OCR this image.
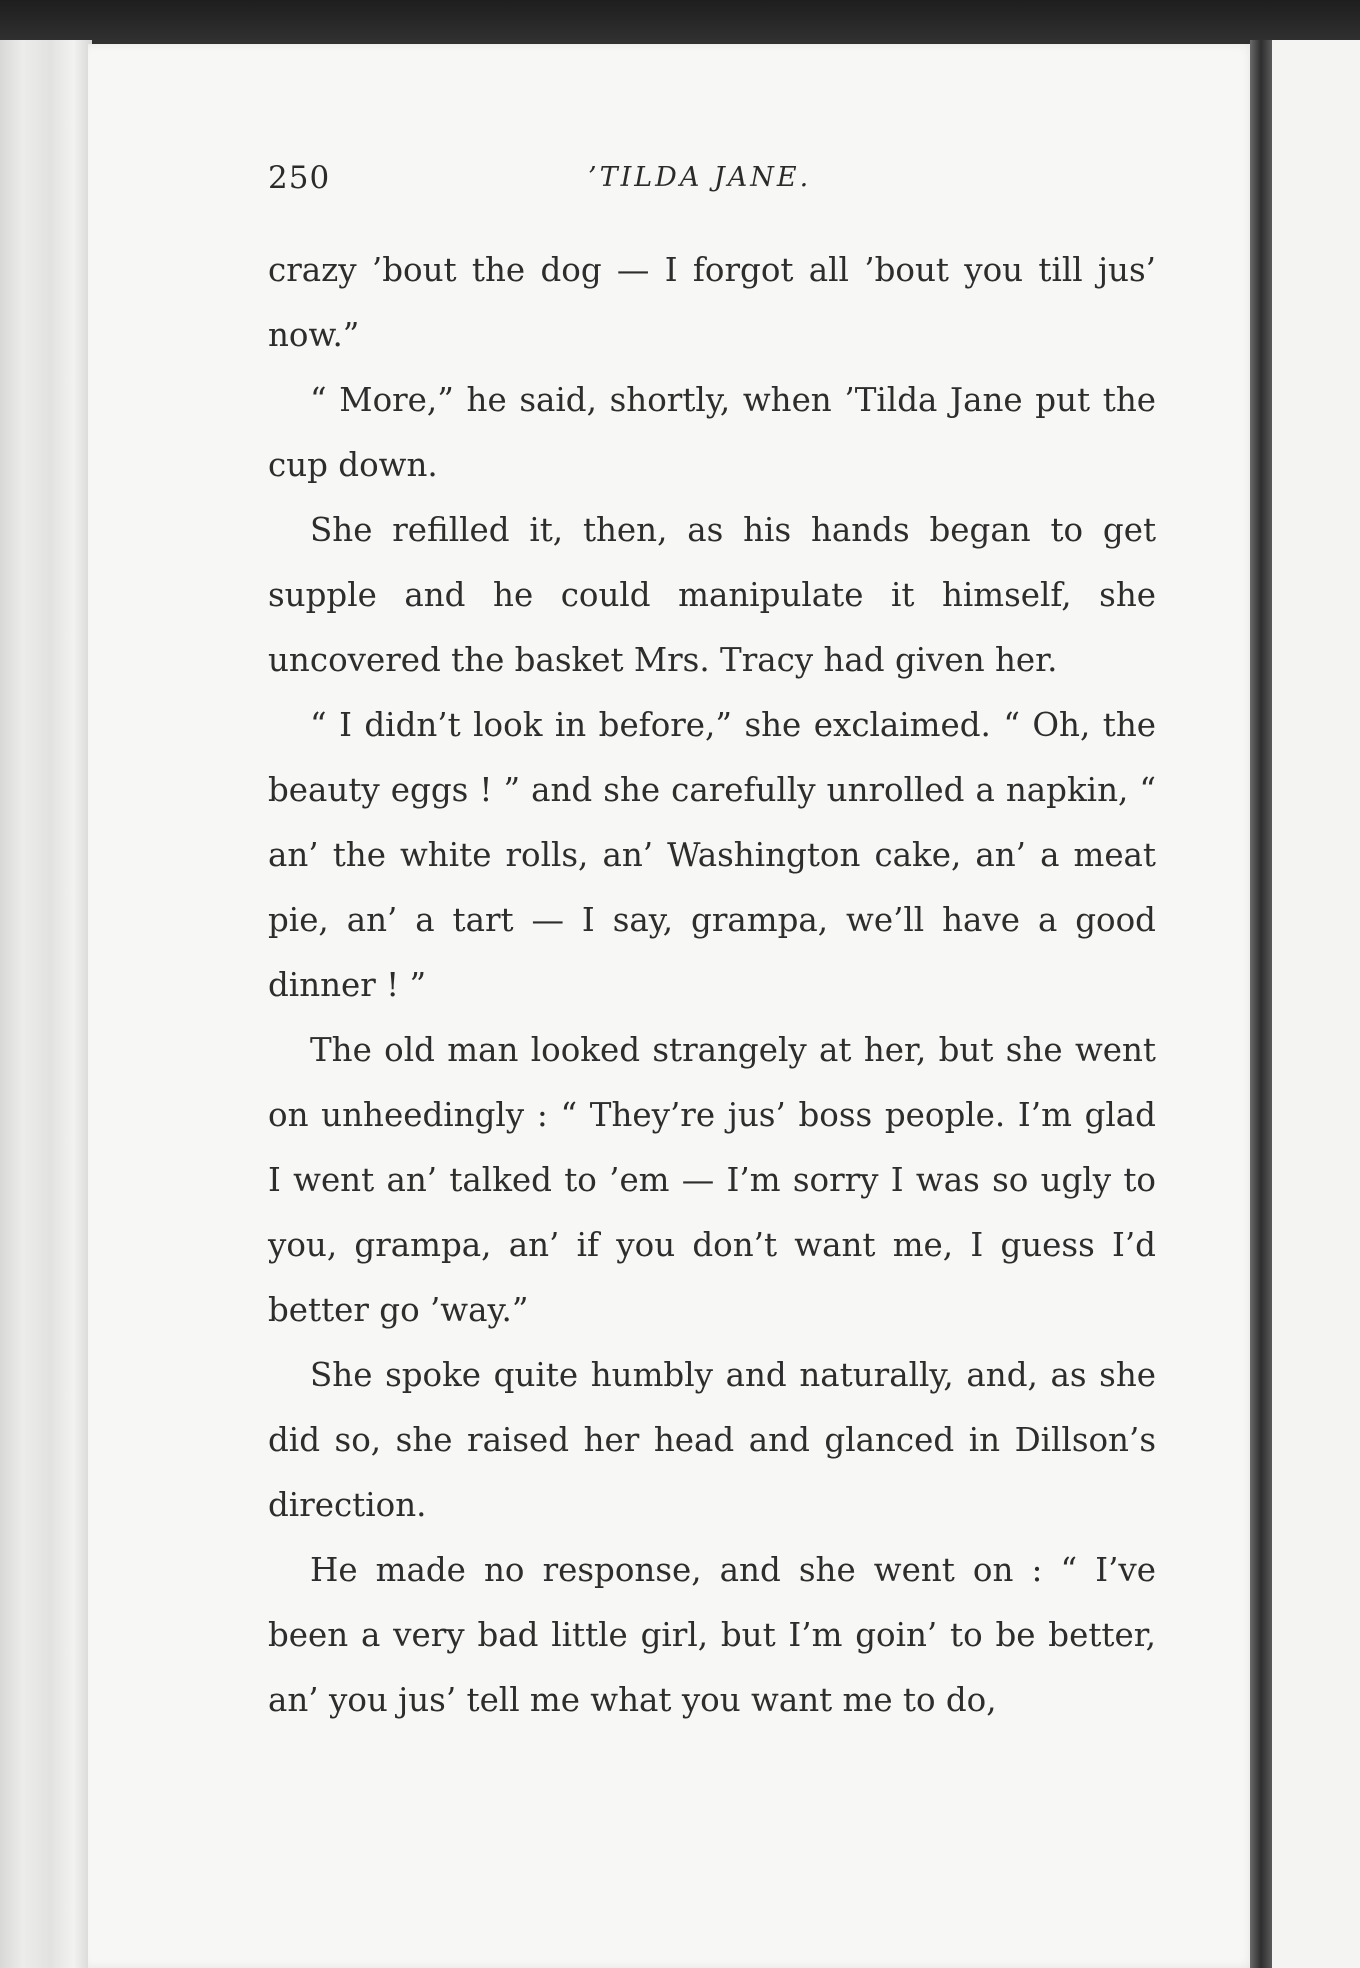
250	’TILDA JANE.

crazy ’bout the dog — I forgot all ’bout you till jus’ now.”

“ More,” he said, shortly, when ’Tilda Jane put the cup down.

She refilled it, then, as his hands began to get supple and he could manipulate it himself, she uncovered the basket Mrs. Tracy had given her.

“ I didn’t look in before,” she exclaimed. “ Oh, the beauty eggs ! ” and she carefully unrolled a napkin, “ an’ the white rolls, an’ Washington cake, an’ a meat pie, an’ a tart — I say, grampa, we’ll have a good dinner ! ”

The old man looked strangely at her, but she went on unheedingly : “ They’re jus’ boss people. I’m glad I went an’ talked to ’em — I’m sorry I was so ugly to you, grampa, an’ if you don’t want me, I guess I’d better go ’way.”

She spoke quite humbly and naturally, and, as she did so, she raised her head and glanced in Dillson’s direction.

He made no response, and she went on : “ I’ve been a very bad little girl, but I’m goin’ to be better, an’ you jus’ tell me what you want me to do,
